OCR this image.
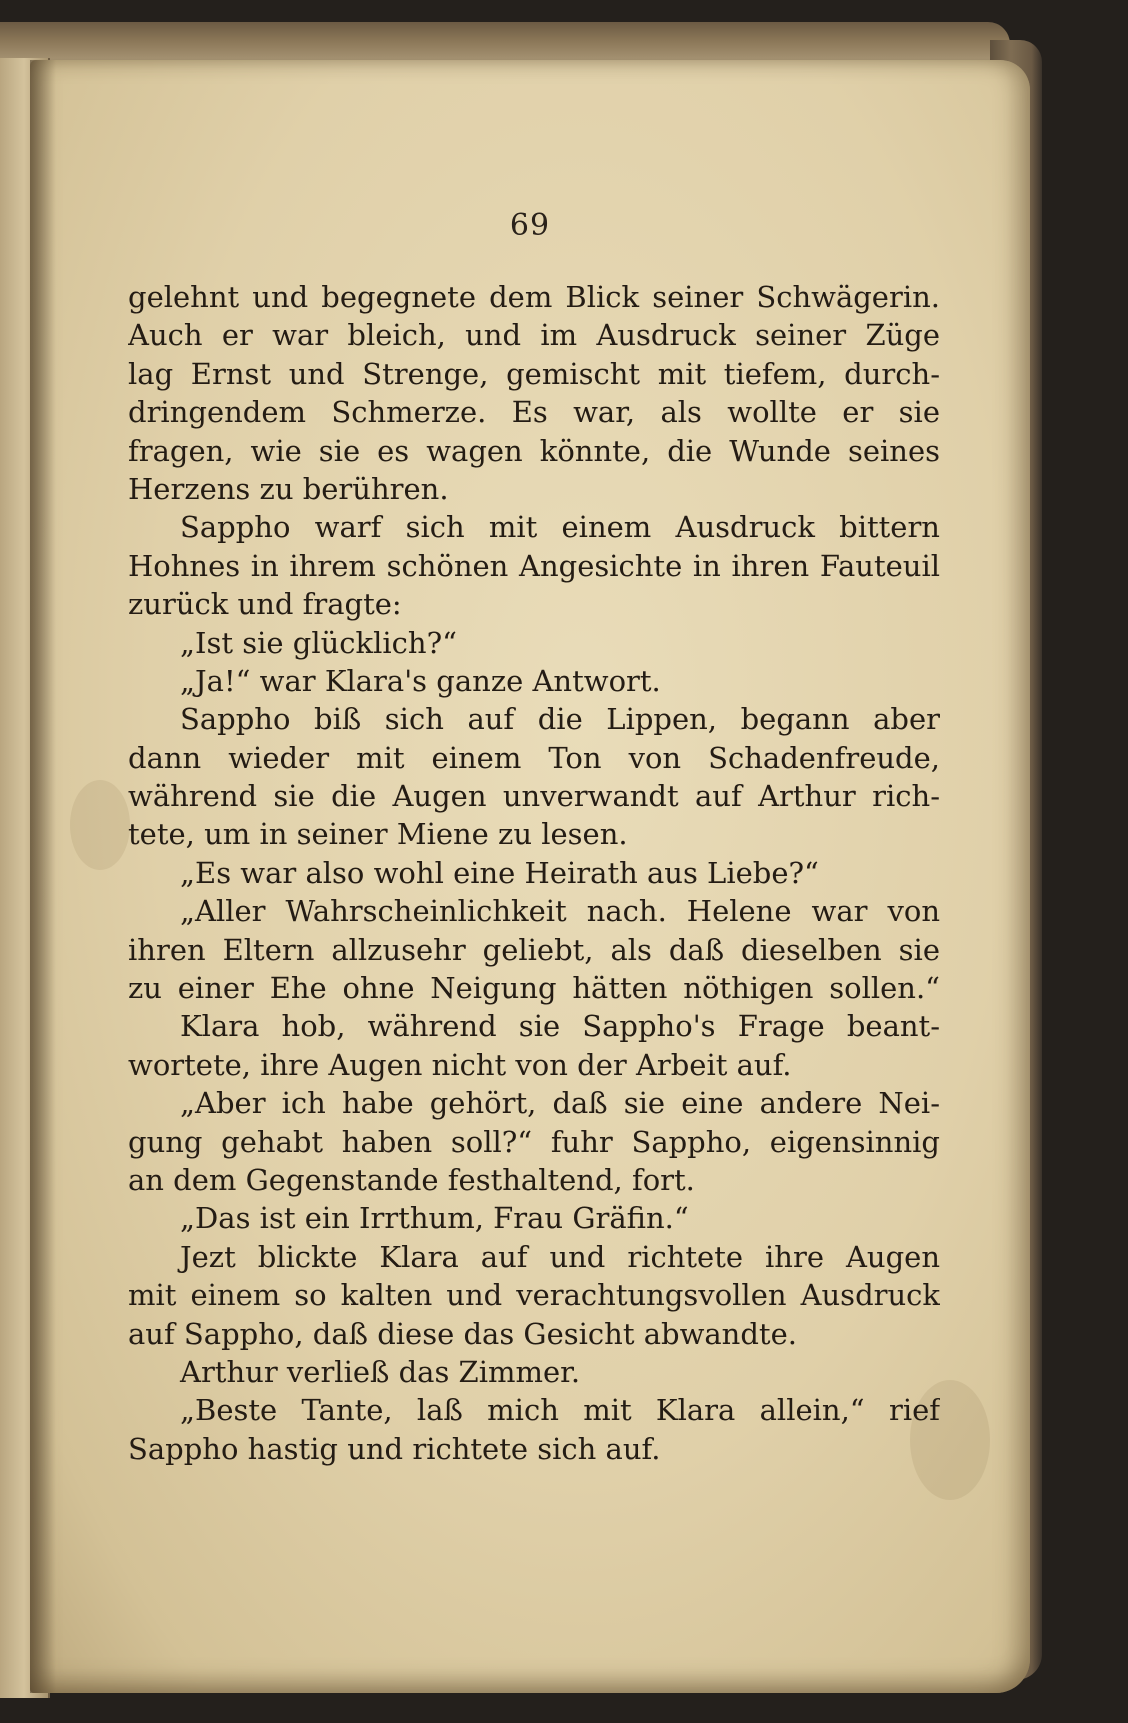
69
gelehnt und begegnete dem Blick seiner Schwägerin.
Auch er war bleich, und im Ausdruck seiner Züge
lag Ernst und Strenge, gemischt mit tiefem, durch-
dringendem Schmerze. Es war, als wollte er sie
fragen, wie sie es wagen könnte, die Wunde seines
Herzens zu berühren.
Sappho warf sich mit einem Ausdruck bittern
Hohnes in ihrem schönen Angesichte in ihren Fauteuil
zurück und fragte:
„Ist sie glücklich?“
„Ja!“ war Klara's ganze Antwort.
Sappho biß sich auf die Lippen, begann aber
dann wieder mit einem Ton von Schadenfreude,
während sie die Augen unverwandt auf Arthur rich-
tete, um in seiner Miene zu lesen.
„Es war also wohl eine Heirath aus Liebe?“
„Aller Wahrscheinlichkeit nach. Helene war von
ihren Eltern allzusehr geliebt, als daß dieselben sie
zu einer Ehe ohne Neigung hätten nöthigen sollen.“
Klara hob, während sie Sappho's Frage beant-
wortete, ihre Augen nicht von der Arbeit auf.
„Aber ich habe gehört, daß sie eine andere Nei-
gung gehabt haben soll?“ fuhr Sappho, eigensinnig
an dem Gegenstande festhaltend, fort.
„Das ist ein Irrthum, Frau Gräfin.“
Jezt blickte Klara auf und richtete ihre Augen
mit einem so kalten und verachtungsvollen Ausdruck
auf Sappho, daß diese das Gesicht abwandte.
Arthur verließ das Zimmer.
„Beste Tante, laß mich mit Klara allein,“ rief
Sappho hastig und richtete sich auf.
